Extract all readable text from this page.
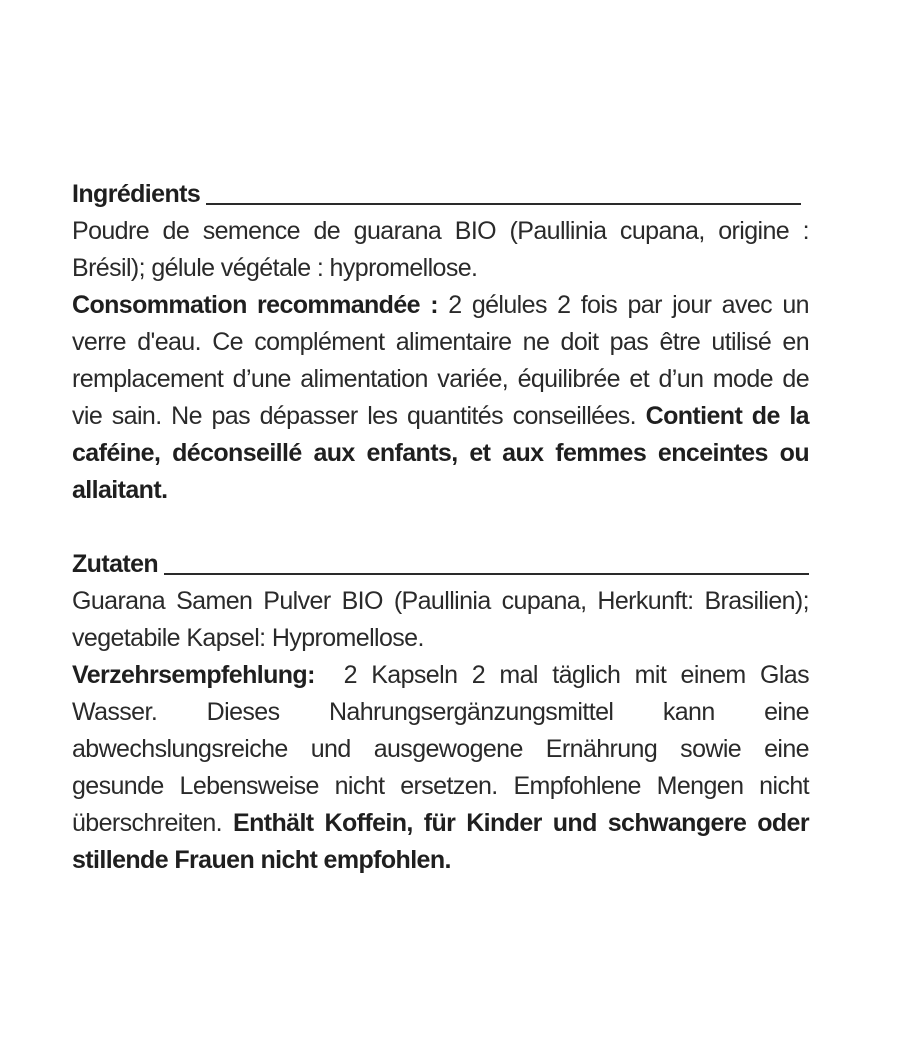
Ingrédients

Poudre de semence de guarana BIO (Paullinia cupana, origine : Brésil); gélule végétale : hypromellose.

Consommation recommandée : 2 gélules 2 fois par jour avec un verre d'eau. Ce complément alimentaire ne doit pas être utilisé en remplacement d’une alimentation variée, équilibrée et d’un mode de vie sain. Ne pas dépasser les quantités conseillées. Contient de la caféine, déconseillé aux enfants, et aux femmes enceintes ou allaitant.

Zutaten

Guarana Samen Pulver BIO (Paullinia cupana, Herkunft: Brasilien); vegetabile Kapsel: Hypromellose.

Verzehrsempfehlung: 2 Kapseln 2 mal täglich mit einem Glas Wasser. Dieses Nahrungsergänzungsmittel kann eine abwechslungsreiche und ausgewogene Ernährung sowie eine gesunde Lebensweise nicht ersetzen. Empfohlene Mengen nicht überschreiten. Enthält Koffein, für Kinder und schwangere oder stillende Frauen nicht empfohlen.
